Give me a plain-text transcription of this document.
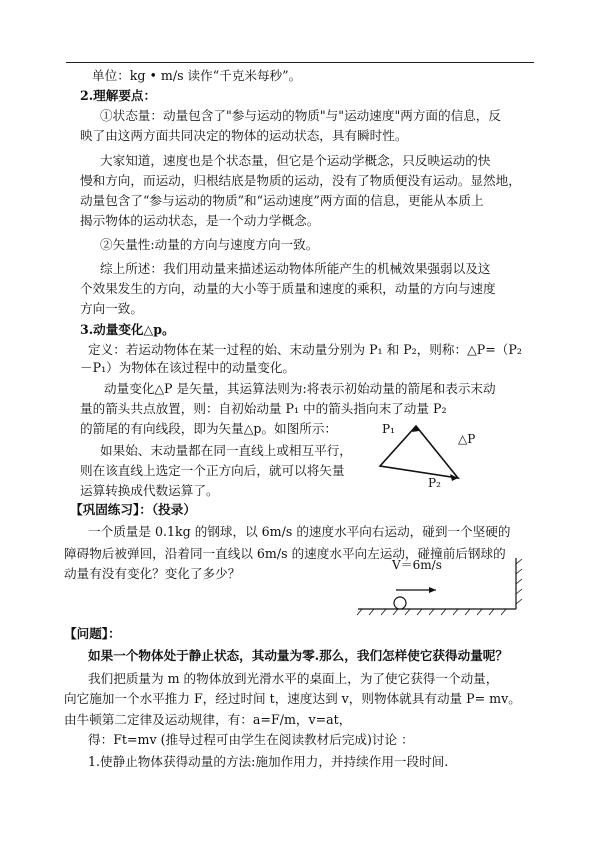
单位：kg • m/s 读作“千克米每秒”。
2.理解要点：
①状态量：动量包含了"参与运动的物质"与"运动速度"两方面的信息，反
映了由这两方面共同决定的物体的运动状态，具有瞬时性。
大家知道，速度也是个状态量，但它是个运动学概念，只反映运动的快
慢和方向，而运动，归根结底是物质的运动，没有了物质便没有运动。显然地，
动量包含了“参与运动的物质”和“运动速度”两方面的信息，更能从本质上
揭示物体的运动状态，是一个动力学概念。
②矢量性:动量的方向与速度方向一致。
综上所述：我们用动量来描述运动物体所能产生的机械效果强弱以及这
个效果发生的方向，动量的大小等于质量和速度的乘积，动量的方向与速度
方向一致。
3.动量变化△p。
定义：若运动物体在某一过程的始、末动量分别为 P₁ 和 P₂，则称：△P=（P₂
－P₁）为物体在该过程中的动量变化。
动量变化△P 是矢量，其运算法则为:将表示初始动量的箭尾和表示末动
量的箭头共点放置，则：自初始动量 P₁ 中的箭头指向末了动量 P₂
的箭尾的有向线段，即为矢量△p。如图所示：
如果始、末动量都在同一直线上或相互平行，
则在该直线上选定一个正方向后，就可以将矢量
运算转换成代数运算了。
【巩固练习】：（投录）
一个质量是 0.1kg 的钢球，以 6m/s 的速度水平向右运动，碰到一个坚硬的
障碍物后被弹回，沿着同一直线以 6m/s 的速度水平向左运动，碰撞前后钢球的
动量有没有变化？变化了多少？
【问题】：
如果一个物体处于静止状态，其动量为零.那么，我们怎样使它获得动量呢？
我们把质量为 m 的物体放到光滑水平的桌面上，为了使它获得一个动量，
向它施加一个水平推力 F，经过时间 t，速度达到 v，则物体就具有动量 P= mv。
由牛顿第二定律及运动规律，有：a=F/m，v=at，
得：Ft=mv (推导过程可由学生在阅读教材后完成)讨论 ：
1.使静止物体获得动量的方法:施加作用力，并持续作用一段时间.
P₁
△P
P₂
V＝6m/s
